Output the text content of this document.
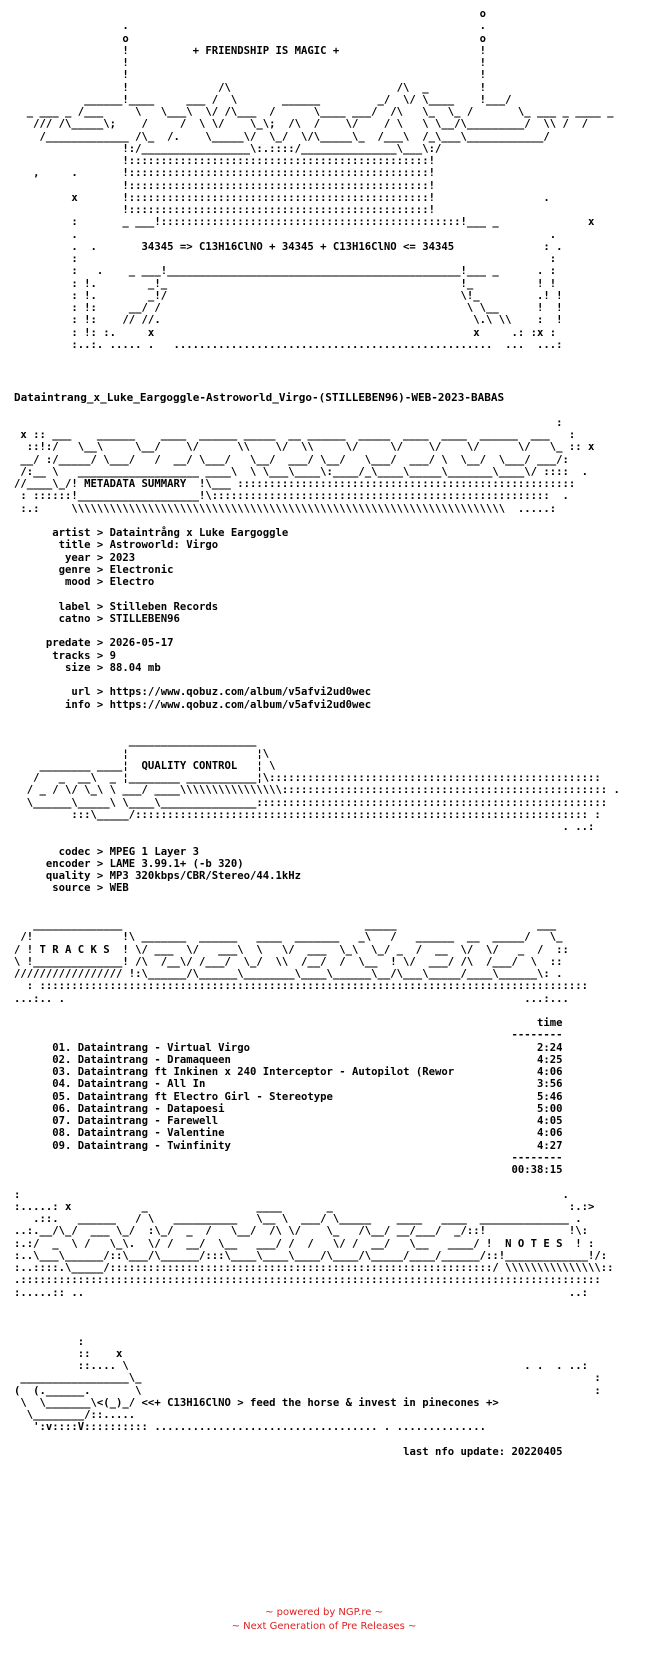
o
.                                                       .
o                                                       o
!          + FRIENDSHIP IS MAGIC +                      !
!                                                       !
!                                                       !
!              /\                          /\  _        !
______!____     ___ /  \       ______         _/  \/ \____    !___/
_ ___ _ /___     \   \___\  \/ /\___  /      \____ ___/  /\   \_  \_ /       \_ ___ _ ____ _
/// /\_____\;    /     /  \ \/    \_\;  /\  /    \/    / \   \ \__/\_________/  \\ /  /
/_____________ /\_  /.    \_____\/  \_/  \/\_____\_  /___\  /_\___\____________/
!:/_________________\:.::::/_______________\___\:/
!:::::::::::::::::::::::::::::::::::::::::::::::!
,     .       !:::::::::::::::::::::::::::::::::::::::::::::::!
!:::::::::::::::::::::::::::::::::::::::::::::::!
x       !:::::::::::::::::::::::::::::::::::::::::::::::!                 .
!:::::::::::::::::::::::::::::::::::::::::::::::!
:       _ ___!:::::::::::::::::::::::::::::::::::::::::::::::!___ _              x
.                                                                          .
.  .       34345 => C13H16ClNO + 34345 + C13H16ClNO <= 34345              : .
:                                                                          :
:   .    _ ___!______________________________________________!___ _      . :
: !.        _!_                                              !_          ! !
: !.        _!/                                              \!_         .! !
: !:     __/ /                                                \ \__      !  !
: !:    // //.                                                 \.\ \\    :  !
: !: :.     x                                                  x     .: :x :
:..:. ..... .   ..................................................  ...  ...:

Dataintrang_x_Luke_Eargoggle-Astroworld_Virgo-(STILLEBEN96)-WEB-2023-BABAS

:
x :: ___    ______    ____  ______ _____  __ ______  _____  ____  ____  ______  ___   :
::!:/   \__\     \__/    \/      \\    \/  \\     \/     \/    \/    \/      \/   \_ :: x
__/ :/_____/ \___/   /  __/ \___/   \__/  ___/ \__/   \___/  ___/ \  \__/  \___/ ___/:
/:__ \   ___________________ ____\  \ \___\____\:____/_\____\_____\_______\____\/ ::::  .
//____\_/! METADATA SUMMARY  !\___ :::::::::::::::::::::::::::::::::::::::::::::::::::::
: ::::::!___________________!\:::::::::::::::::::::::::::::::::::::::::::::::::::::  .
:.:     \\\\\\\\\\\\\\\\\\\\\\\\\\\\\\\\\\\\\\\\\\\\\\\\\\\\\\\\\\\\\\\\\\\\  .....:

artist > Dataintrång x Luke Eargoggle
title > Astroworld: Virgo
year > 2023
genre > Electronic
mood > Electro

label > Stilleben Records
catno > STILLEBEN96

predate > 2026-05-17
tracks > 9
size > 88.04 mb

url > https://www.qobuz.com/album/v5afvi2ud0wec
info > https://www.qobuz.com/album/v5afvi2ud0wec

____________________
¦                    ¦\
________ ____¦  QUALITY CONTROL   ¦ \
/   _  __\  _ ¦________ ___________¦\::::::::::::::::::::::::::::::::::::::::::::::::::::
/ _ / \/ \_\ \ ___/ ____\\\\\\\\\\\\\\\\::::::::::::::::::::::::::::::::::::::::::::::::::: .
\______\_____\ \____\_______________:::::::::::::::::::::::::::::::::::::::::::::::::::::::
:::\_____/::::::::::::::::::::::::::::::::::::::::::::::::::::::::::::::::::::::: :
. ..:

codec > MPEG 1 Layer 3
encoder > LAME 3.99.1+ (-b 320)
quality > MP3 320kbps/CBR/Stereo/44.1kHz
source > WEB

______________                                      _____                      ___
/!              !\ _______  ______   ____  _______   _\   /   ______  __  _____/   \_
/ ! T R A C K S  ! \/ ___  \/   ___\  \   \/  ___  \_\  \_/ _  /  __  \/  \/   _  /  ::
\ !______________! /\  /__\/ /___/  \_/  \\  /__/  /  \__  ! \/  ___/ /\  /___/  \  ::
///////////////// !:\______/\______\________\____\______\__/\___\_____/____\______\: .
: ::::::::::::::::::::::::::::::::::::::::::::::::::::::::::::::::::::::::::::::::::::::
...:.. .                                                                        ...:...

time
--------
01. Dataintrang - Virtual Virgo	2:24
02. Dataintrang - Dramaqueen	4:25
03. Dataintrang ft Inkinen x 240 Interceptor - Autopilot (Rewor	4:06
04. Dataintrang - All In	3:56
05. Dataintrang ft Electro Girl - Stereotype	5:46
06. Dataintrang - Datapoesi	5:00
07. Dataintrang - Farewell	4:05
08. Dataintrang - Valentine	4:06
09. Dataintrang - Twinfinity	4:27
--------
00:38:15

:                                                                                     .
:.....: x           _                 ____       _                                     :.:>
.::.   ______   / \   __________   \__ \  ___/ \_____    ____   ____  ______________ .
..:.__/\_/  ___ \_/  :\_/  _  /   \__/  /\ \/    \_   /\__/ __/___/  _/::!             !\:
:.:/  _  \ /   \_\.  \/ /  __/  \__   ___/ /  /   \/ /  __/   \__   ____/ !  N O T E S  ! :
:..\___\______/::\___/\______/:::\____\____\____/\____/\_____/____/______/::!_____________!/:
:..::::.\_____/::::::::::::::::::::::::::::::::::::::::::::::::::::::::::::/ \\\\\\\\\\\\\\\::
.:::::::::::::::::::::::::::::::::::::::::::::::::::::::::::::::::::::::::::::::::::::::::::
:.....:: ..                                                                            ..:

:
::    x
::.... \                                                              . .  . ..:
_________________\_                                                                       :
(  (.______.       \                                                                       :
\  \_______\<(_)_/ <<+ C13H16ClNO > feed the horse & invest in pinecones +>
\________/::.....
':v::::V:::::::::: ................................... . ..............

last nfo update: 20220405
~ powered by NGP.re ~
~ Next Generation of Pre Releases ~
